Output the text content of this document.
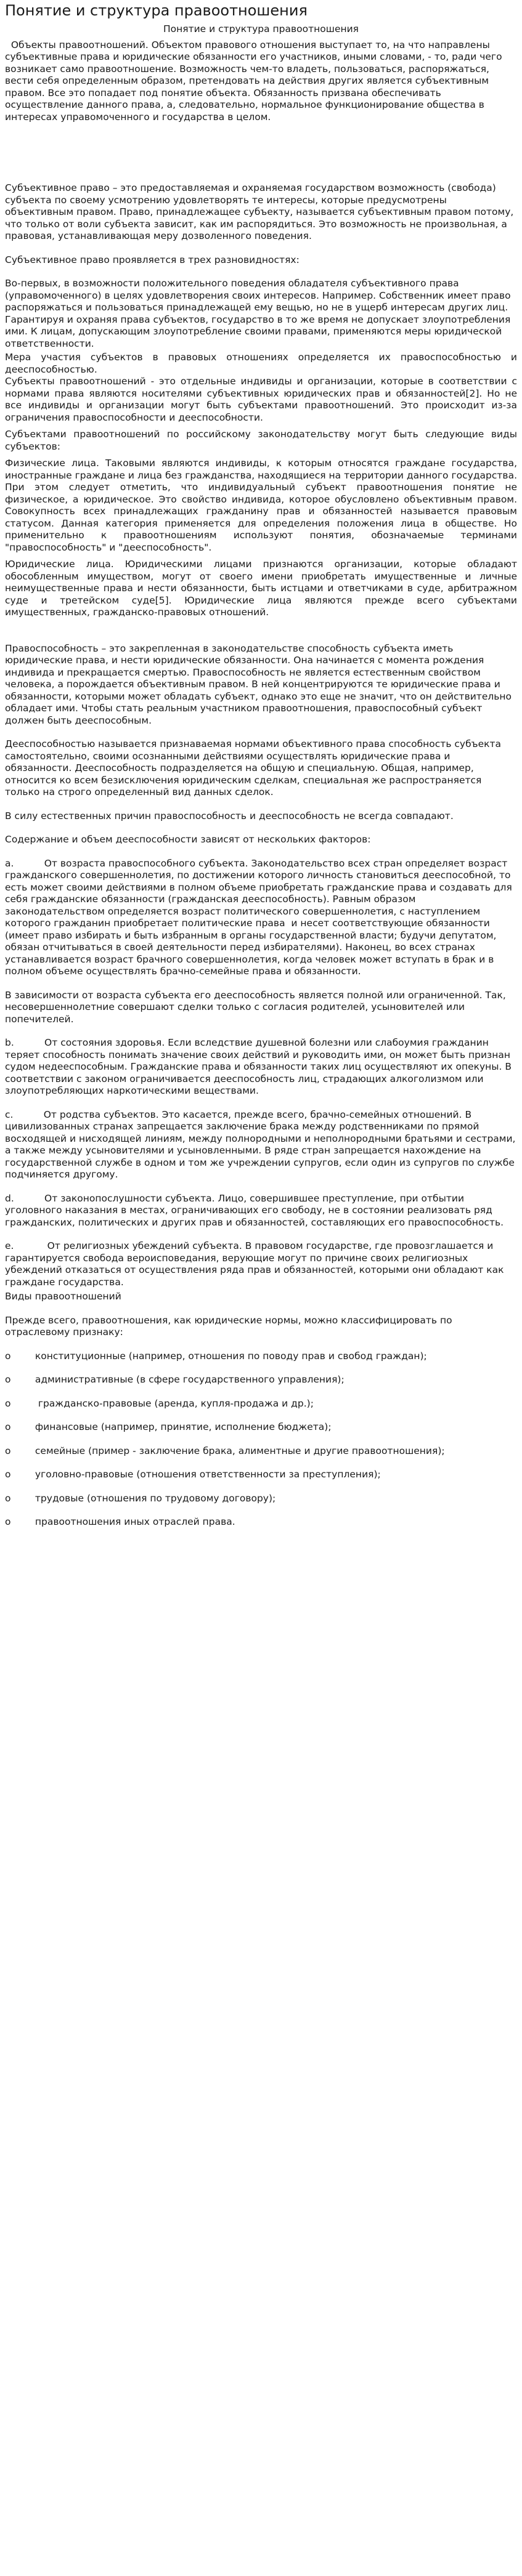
Понятие и структура правоотношения

Понятие и структура правоотношения

Объекты правоотношений. Объектом правового отношения выступает то, на что направлены субъективные права и юридические обязанности его участников, иными словами, - то, ради чего возникает само правоотношение. Возможность чем-то владеть, пользоваться, распоряжаться, вести себя определенным образом, претендовать на действия других является субъективным правом. Все это попадает под понятие объекта. Обязанность призвана обеспечивать осуществление данного права, а, следовательно, нормальное функционирование общества в интересах управомоченного и государства в целом.

Субъективное право – это предоставляемая и охраняемая государством возможность (свобода) субъекта по своему усмотрению удовлетворять те интересы, которые предусмотрены объективным правом. Право, принадлежащее субъекту, называется субъективным правом потому, что только от воли субъекта зависит, как им распорядиться. Это возможность не произвольная, а правовая, устанавливающая меру дозволенного поведения.

Субъективное право проявляется в трех разновидностях:

Во-первых, в возможности положительного поведения обладателя субъективного права (управомоченного) в целях удовлетворения своих интересов. Например. Собственник имеет право распоряжаться и пользоваться принадлежащей ему вещью, но не в ущерб интересам других лиц. Гарантируя и охраняя права субъектов, государство в то же время не допускает злоупотребления ими. К лицам, допускающим злоупотребление своими правами, применяются меры юридической ответственности.

Мера участия субъектов в правовых отношениях определяется их правоспособностью и дееспособностью.

Субъекты правоотношений - это отдельные индивиды и организации, которые в соответствии с нормами права являются носителями субъективных юридических прав и обязанностей[2]. Но не все индивиды и организации могут быть субъектами правоотношений. Это происходит из-за ограничения правоспособности и дееспособности.

Субъектами правоотношений по российскому законодательству могут быть следующие виды субъектов:

Физические лица. Таковыми являются индивиды, к которым относятся граждане государства, иностранные граждане и лица без гражданства, находящиеся на территории данного государства. При этом следует отметить, что индивидуальный субъект правоотношения понятие не физическое, а юридическое. Это свойство индивида, которое обусловлено объективным правом. Совокупность всех принадлежащих гражданину прав и обязанностей называется правовым статусом. Данная категория применяется для определения положения лица в обществе. Но применительно к правоотношениям используют понятия, обозначаемые терминами "правоспособность" и "дееспособность".

Юридические лица. Юридическими лицами признаются организации, которые обладают обособленным имуществом, могут от своего имени приобретать имущественные и личные неимущественные права и нести обязанности, быть истцами и ответчиками в суде, арбитражном суде и третейском суде[5]. Юридические лица являются прежде всего субъектами имущественных, гражданско-правовых отношений.

Правоспособность – это закрепленная в законодательстве способность субъекта иметь юридические права, и нести юридические обязанности. Она начинается с момента рождения индивида и прекращается смертью. Правоспособность не является естественным свойством человека, а порождается объективным правом. В ней концентрируются те юридические права и обязанности, которыми может обладать субъект, однако это еще не значит, что он действительно обладает ими. Чтобы стать реальным участником правоотношения, правоспособный субъект должен быть дееспособным.

Дееспособностью называется признаваемая нормами объективного права способность субъекта самостоятельно, своими осознанными действиями осуществлять юридические права и обязанности. Дееспособность подразделяется на общую и специальную. Общая, например, относится ко всем безисключения юридическим сделкам, специальная же распространяется только на строго определенный вид данных сделок.

В силу естественных причин правоспособность и дееспособность не всегда совпадают.

Содержание и объем дееспособности зависят от нескольких факторов:

a.          От возраста правоспособного субъекта. Законодательство всех стран определяет возраст гражданского совершеннолетия, по достижении которого личность становиться дееспособной, то есть может своими действиями в полном объеме приобретать гражданские права и создавать для себя гражданские обязанности (гражданская дееспособность). Равным образом законодательством определяется возраст политического совершеннолетия, с наступлением которого гражданин приобретает политические права  и несет соответствующие обязанности (имеет право избирать и быть избранным в органы государственной власти; будучи депутатом, обязан отчитываться в своей деятельности перед избирателями). Наконец, во всех странах устанавливается возраст брачного совершеннолетия, когда человек может вступать в брак и в полном объеме осуществлять брачно-семейные права и обязанности.

В зависимости от возраста субъекта его дееспособность является полной или ограниченной. Так, несовершеннолетние совершают сделки только с согласия родителей, усыновителей или попечителей.

b.          От состояния здоровья. Если вследствие душевной болезни или слабоумия гражданин теряет способность понимать значение своих действий и руководить ими, он может быть признан судом недееспособным. Гражданские права и обязанности таких лиц осуществляют их опекуны. В соответствии с законом ограничивается дееспособность лиц, страдающих алкоголизмом или злоупотребляющих наркотическими веществами.

c.          От родства субъектов. Это касается, прежде всего, брачно-семейных отношений. В цивилизованных странах запрещается заключение брака между родственниками по прямой восходящей и нисходящей линиям, между полнородными и неполнородными братьями и сестрами, а также между усыновителями и усыновленными. В ряде стран запрещается нахождение на государственной службе в одном и том же учреждении супругов, если один из супругов по службе подчиняется другому.

d.          От законопослушности субъекта. Лицо, совершившее преступление, при отбытии уголовного наказания в местах, ограничивающих его свободу, не в состоянии реализовать ряд гражданских, политических и других прав и обязанностей, составляющих его правоспособность.

e.           От религиозных убеждений субъекта. В правовом государстве, где провозглашается и гарантируется свобода вероисповедания, верующие могут по причине своих религиозных убеждений отказаться от осуществления ряда прав и обязанностей, которыми они обладают как граждане государства.

Виды правоотношений

Прежде всего, правоотношения, как юридические нормы, можно классифицировать по отраслевому признаку:

o        конституционные (например, отношения по поводу прав и свобод граждан);

o        административные (в сфере государственного управления);

o         гражданско-правовые (аренда, купля-продажа и др.);

o        финансовые (например, принятие, исполнение бюджета);

o        семейные (пример - заключение брака, алиментные и другие правоотношения);

o        уголовно-правовые (отношения ответственности за преступления);

o        трудовые (отношения по трудовому договору);

o        правоотношения иных отраслей права.
